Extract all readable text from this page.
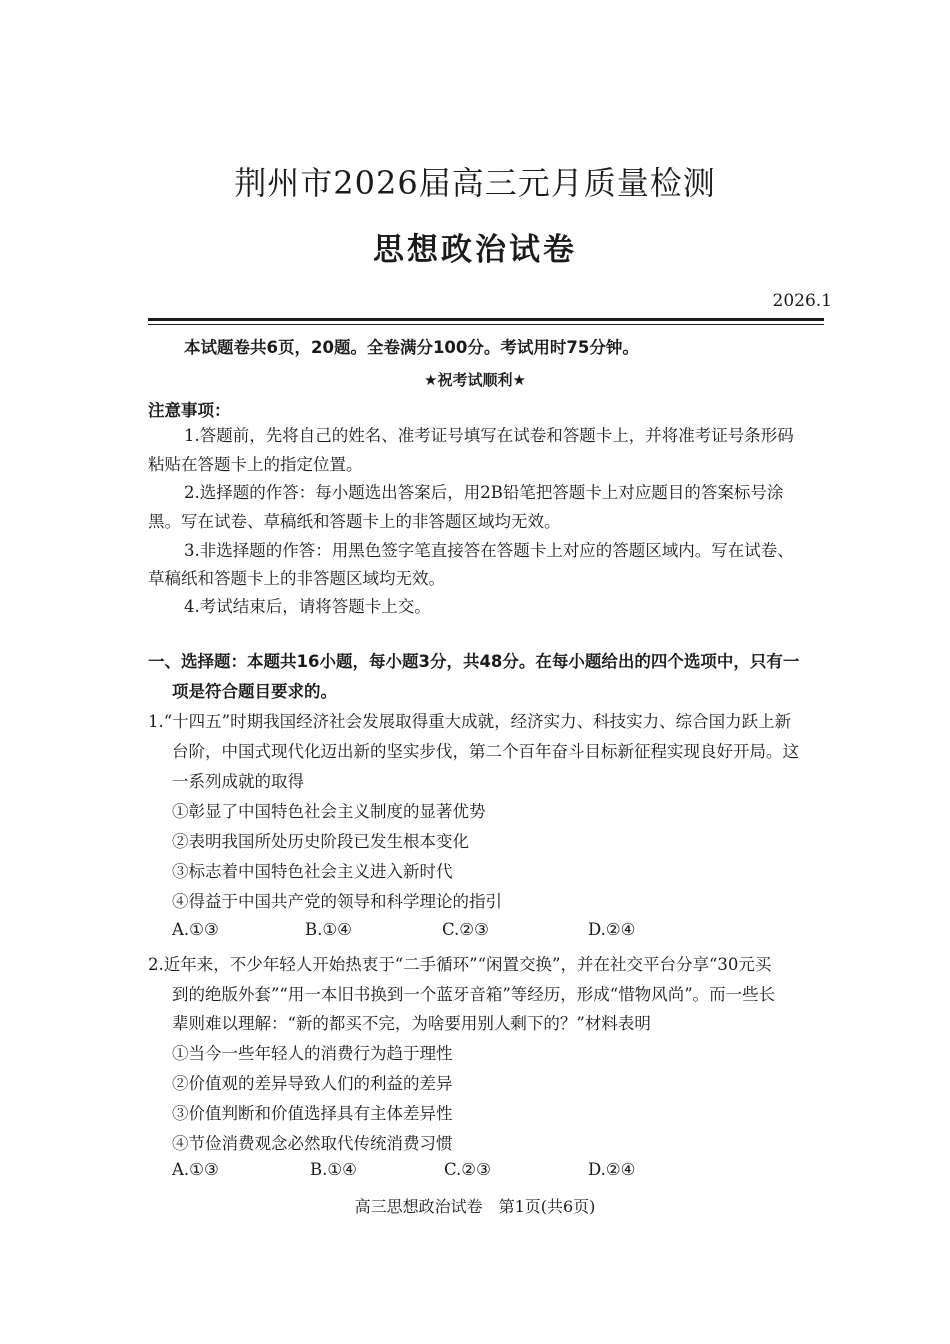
荆州市2026届高三元月质量检测
思想政治试卷
2026.1
本试题卷共6页，20题。全卷满分100分。考试用时75分钟。
★祝考试顺利★
注意事项：
1.答题前，先将自己的姓名、准考证号填写在试卷和答题卡上，并将准考证号条形码
粘贴在答题卡上的指定位置。
2.选择题的作答：每小题选出答案后，用2B铅笔把答题卡上对应题目的答案标号涂
黑。写在试卷、草稿纸和答题卡上的非答题区域均无效。
3.非选择题的作答：用黑色签字笔直接答在答题卡上对应的答题区域内。写在试卷、
草稿纸和答题卡上的非答题区域均无效。
4.考试结束后，请将答题卡上交。
一、选择题：本题共16小题，每小题3分，共48分。在每小题给出的四个选项中，只有一
项是符合题目要求的。
1.“十四五”时期我国经济社会发展取得重大成就，经济实力、科技实力、综合国力跃上新
台阶，中国式现代化迈出新的坚实步伐，第二个百年奋斗目标新征程实现良好开局。这
一系列成就的取得
①彰显了中国特色社会主义制度的显著优势
②表明我国所处历史阶段已发生根本变化
③标志着中国特色社会主义进入新时代
④得益于中国共产党的领导和科学理论的指引
A.①③	B.①④	C.②③	D.②④
2.近年来，不少年轻人开始热衷于“二手循环”“闲置交换”，并在社交平台分享“30元买
到的绝版外套”“用一本旧书换到一个蓝牙音箱”等经历，形成“惜物风尚”。而一些长
辈则难以理解：“新的都买不完，为啥要用别人剩下的？”材料表明
①当今一些年轻人的消费行为趋于理性
②价值观的差异导致人们的利益的差异
③价值判断和价值选择具有主体差异性
④节俭消费观念必然取代传统消费习惯
A.①③	B.①④	C.②③	D.②④
高三思想政治试卷　第1页(共6页)
